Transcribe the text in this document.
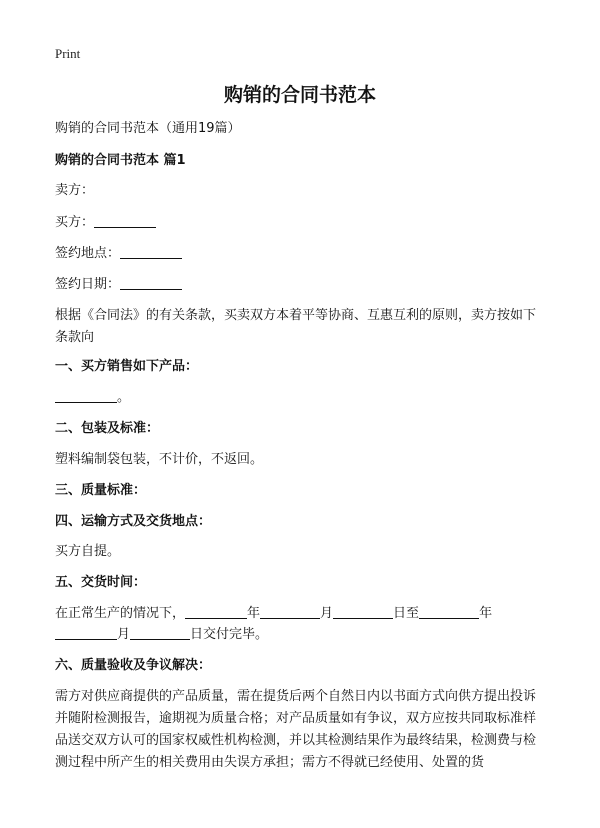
Print
购销的合同书范本
购销的合同书范本（通用19篇）
购销的合同书范本 篇1
卖方：
买方：
签约地点：
签约日期：
根据《合同法》的有关条款，买卖双方本着平等协商、互惠互利的原则，卖方按如下条款向
一、买方销售如下产品：
。
二、包装及标准：
塑料编制袋包装，不计价，不返回。
三、质量标准：
四、运输方式及交货地点：
买方自提。
五、交货时间：
在正常生产的情况下，	年	月	日至	年
月	日交付完毕。
六、质量验收及争议解决：
需方对供应商提供的产品质量，需在提货后两个自然日内以书面方式向供方提出投诉并随附检测报告，逾期视为质量合格；对产品质量如有争议，双方应按共同取标准样品送交双方认可的国家权威性机构检测，并以其检测结果作为最终结果，检测费与检测过程中所产生的相关费用由失误方承担；需方不得就已经使用、处置的货
